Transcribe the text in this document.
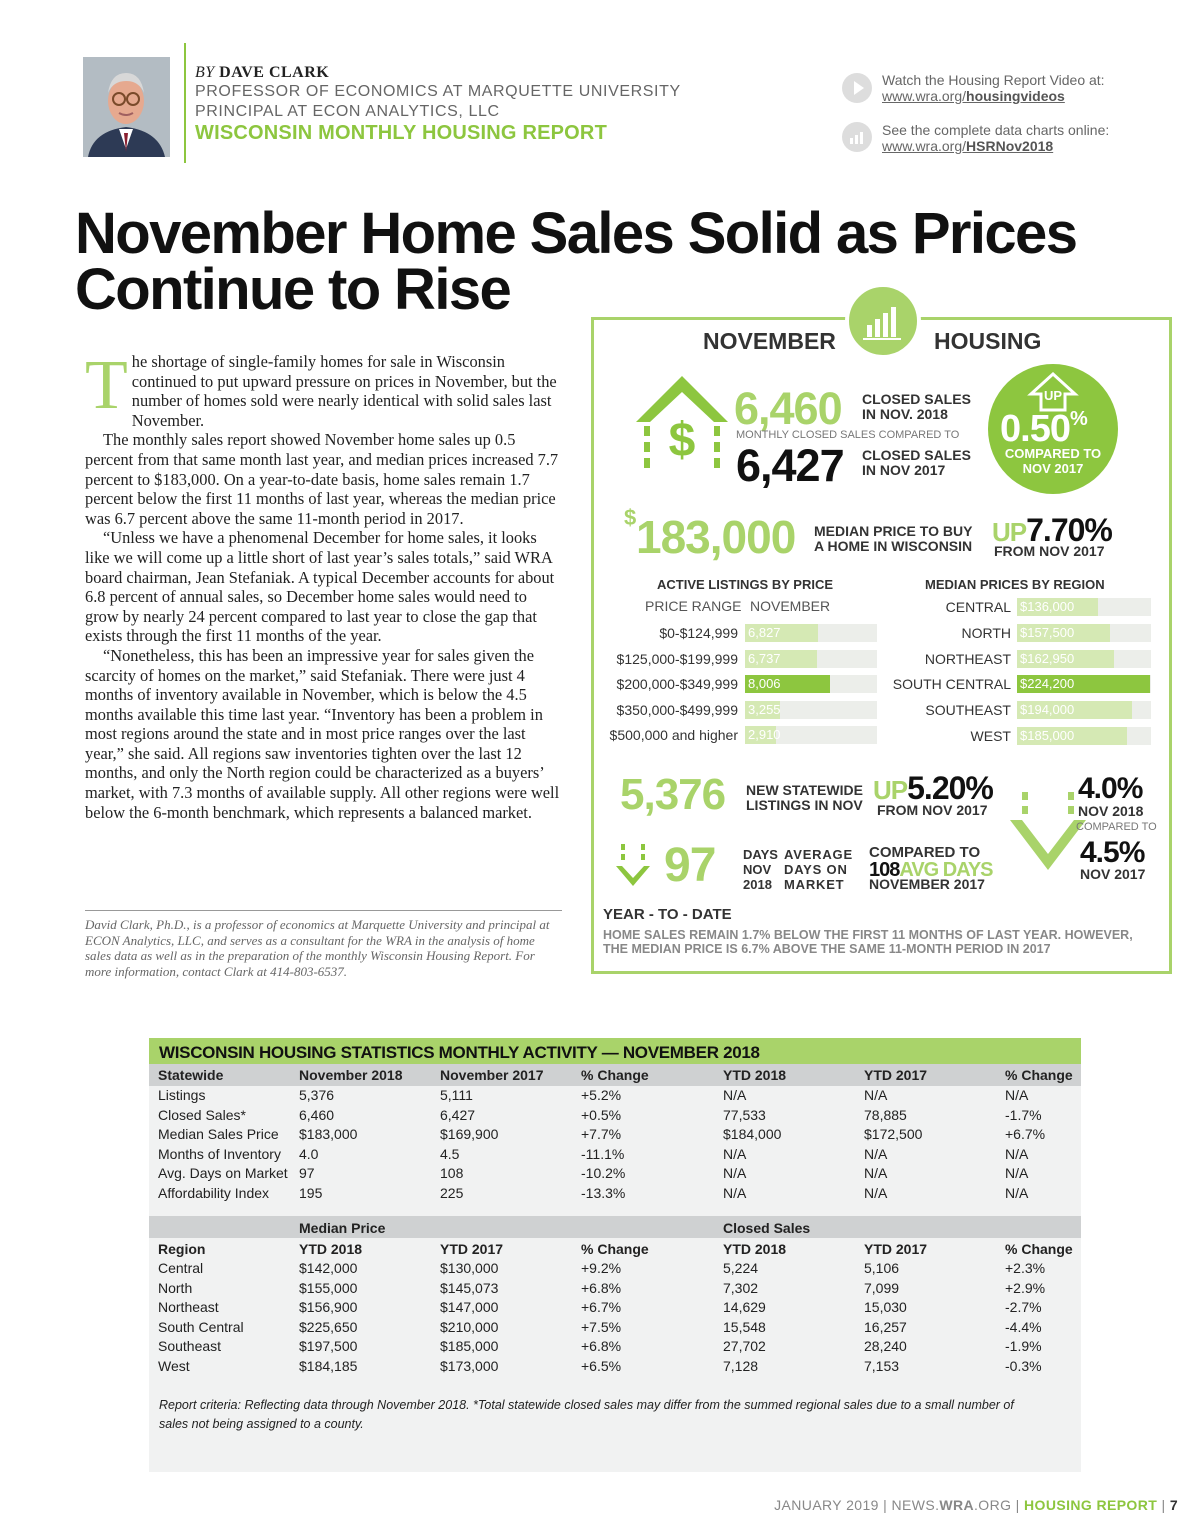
BY DAVE CLARK
PROFESSOR OF ECONOMICS AT MARQUETTE UNIVERSITY
PRINCIPAL AT ECON ANALYTICS, LLC
WISCONSIN MONTHLY HOUSING REPORT
Watch the Housing Report Video at:
www.wra.org/housingvideos
See the complete data charts online:
www.wra.org/HSRNov2018
November Home Sales Solid as Prices
Continue to Rise
T he shortage of single-family homes for sale in Wisconsin continued to put upward pressure on prices in November, but the number of homes sold were nearly identical with solid sales last November.

The monthly sales report showed November home sales up 0.5 percent from that same month last year, and median prices increased 7.7 percent to $183,000. On a year-to-date basis, home sales remain 1.7 percent below the first 11 months of last year, whereas the median price was 6.7 percent above the same 11-month period in 2017.

“Unless we have a phenomenal December for home sales, it looks like we will come up a little short of last year’s sales totals,” said WRA board chairman, Jean Stefaniak. A typical December accounts for about 6.8 percent of annual sales, so December home sales would need to grow by nearly 24 percent compared to last year to close the gap that exists through the first 11 months of the year.

“Nonetheless, this has been an impressive year for sales given the scarcity of homes on the market,” said Stefaniak. There were just 4 months of inventory available in November, which is below the 4.5 months available this time last year. “Inventory has been a problem in most regions around the state and in most price ranges over the last year,” she said. All regions saw inventories tighten over the last 12 months, and only the North region could be characterized as a buyers’ market, with 7.3 months of available supply. All other regions were well below the 6-month benchmark, which represents a balanced market.

David Clark, Ph.D., is a professor of economics at Marquette University and principal at ECON Analytics, LLC, and serves as a consultant for the WRA in the analysis of home sales data as well as in the preparation of the monthly Wisconsin Housing Report. For more information, contact Clark at 414-803-6537.
NOVEMBER	HOUSING
$
6,460 CLOSED SALES
IN NOV. 2018
MONTHLY CLOSED SALES COMPARED TO
6,427 CLOSED SALES
IN NOV 2017
UP
0.50%
COMPARED TO
NOV 2017
$ 183,000 MEDIAN PRICE TO BUY
A HOME IN WISCONSIN UP7.70%
FROM NOV 2017
ACTIVE LISTINGS BY PRICE
PRICE RANGE NOVEMBER
$0-$124,999 6,827
$125,000-$199,999 6,737
$200,000-$349,999 8,006
$350,000-$499,999 3,255
$500,000 and higher 2,910
MEDIAN PRICES BY REGION
CENTRAL $136,000
NORTH $157,500
NORTHEAST $162,950
SOUTH CENTRAL $224,200
SOUTHEAST $194,000
WEST $185,000
5,376 NEW STATEWIDE
LISTINGS IN NOV UP5.20%
FROM NOV 2017
4.0%
NOV 2018
COMPARED TO
4.5%
NOV 2017
97 DAYS
NOV
2018
AVERAGE
DAYS ON
MARKET
COMPARED TO
108AVG DAYS
NOVEMBER 2017
YEAR - TO - DATE
HOME SALES REMAIN 1.7% BELOW THE FIRST 11 MONTHS OF LAST YEAR. HOWEVER,
THE MEDIAN PRICE IS 6.7% ABOVE THE SAME 11-MONTH PERIOD IN 2017
WISCONSIN HOUSING STATISTICS MONTHLY ACTIVITY — NOVEMBER 2018
Statewide	November 2018	November 2017	% Change	YTD 2018	YTD 2017	% Change
Listings	5,376	5,111	+5.2%	N/A	N/A	N/A
Closed Sales*	6,460	6,427	+0.5%	77,533	78,885	-1.7%
Median Sales Price $183,000	$169,900	+7.7%	$184,000	$172,500	+6.7%
Months of Inventory 4.0	4.5	-11.1%	N/A	N/A	N/A
Avg. Days on Market 97	108	-10.2%	N/A	N/A	N/A
Affordability Index 195	225	-13.3%	N/A	N/A	N/A
Region	YTD 2018	YTD 2017	% Change	YTD 2018	YTD 2017	% Change
Central	$142,000	$130,000	+9.2%	5,224	5,106	+2.3%
North	$155,000	$145,073	+6.8%	7,302	7,099	+2.9%
Northeast	$156,900	$147,000	+6.7%	14,629	15,030	-2.7%
South Central	$225,650	$210,000	+7.5%	15,548	16,257	-4.4%
Southeast	$197,500	$185,000	+6.8%	27,702	28,240	-1.9%
West	$184,185	$173,000	+6.5%	7,128	7,153	-0.3%
Median Price	Closed Sales
Report criteria: Reflecting data through November 2018. *Total statewide closed sales may differ from the summed regional sales due to a small number of
sales not being assigned to a county.
JANUARY 2019 | NEWS.WRA.ORG | HOUSING REPORT | 7
